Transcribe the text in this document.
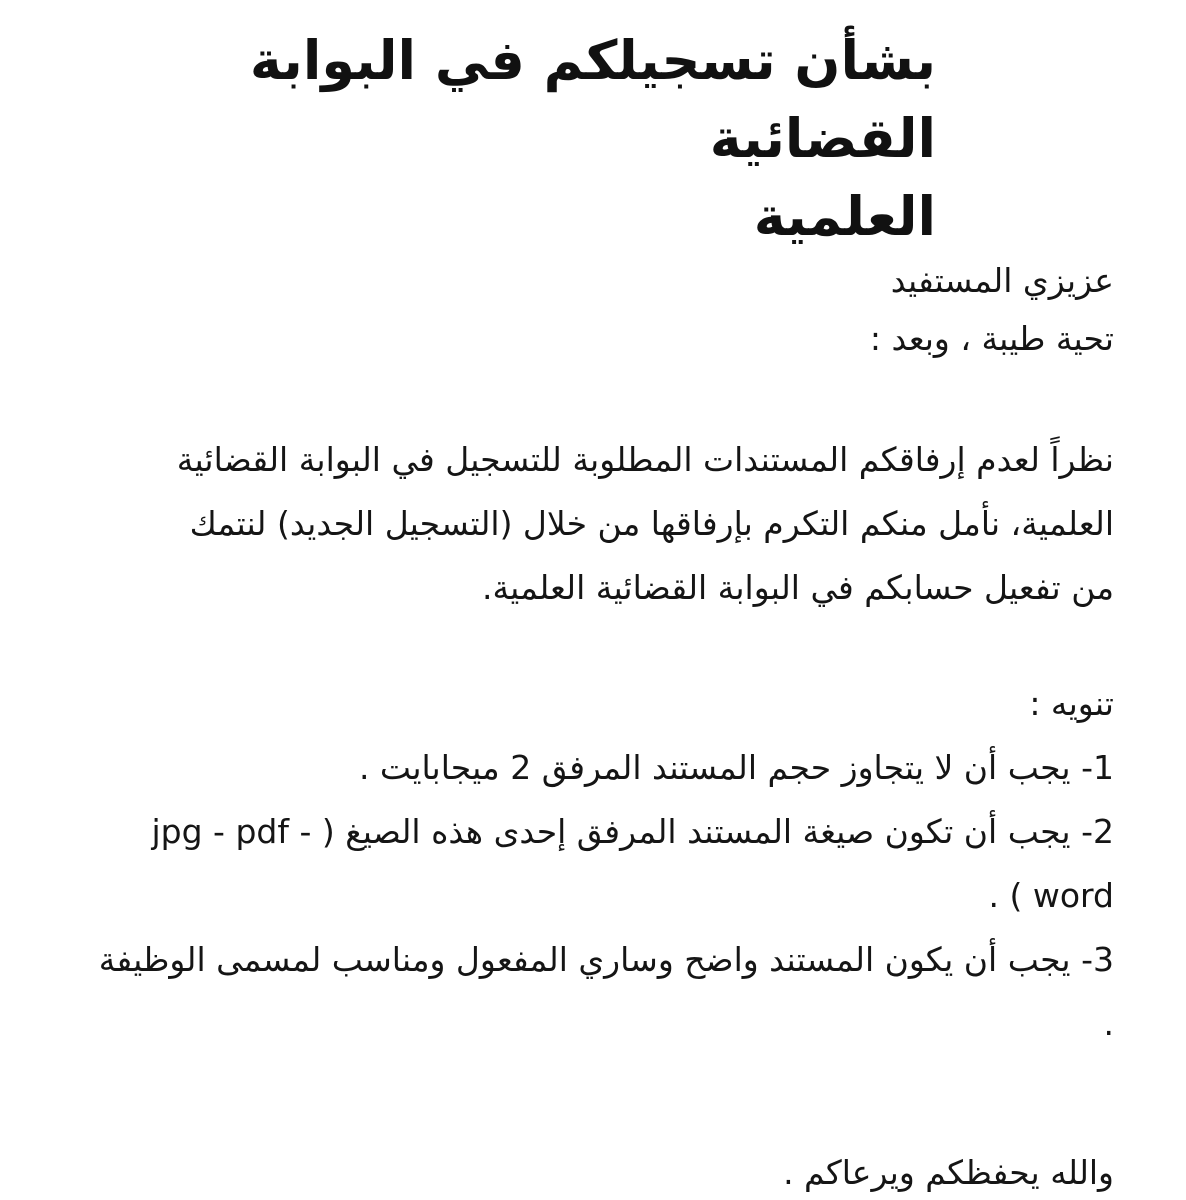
بشأن تسجيلكم في البوابة القضائية
العلمية
عزيزي المستفيد
تحية طيبة ، وبعد :
نظراً لعدم إرفاقكم المستندات المطلوبة للتسجيل في البوابة القضائية
العلمية، نأمل منكم التكرم بإرفاقها من خلال (التسجيل الجديد) لنتمك
من تفعيل حسابكم في البوابة القضائية العلمية.
تنويه :
1- يجب أن لا يتجاوز حجم المستند المرفق 2 ميجابايت .
2- يجب أن تكون صيغة المستند المرفق إحدى هذه الصيغ ( - jpg - pdf
word ) .
3- يجب أن يكون المستند واضح وساري المفعول ومناسب لمسمى الوظيفة
.
والله يحفظكم ويرعاكم .
